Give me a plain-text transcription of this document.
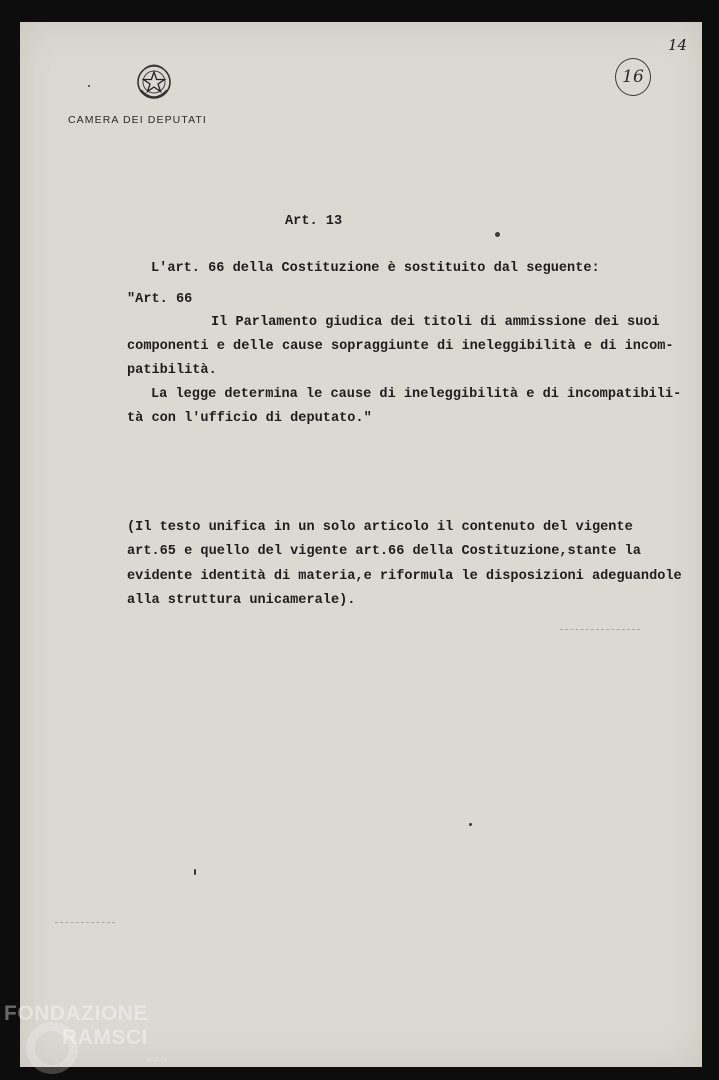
CAMERA DEI DEPUTATI
14
16
Art. 13
L'art. 66 della Costituzione è sostituito dal seguente:
"Art. 66
Il Parlamento giudica dei titoli di ammissione dei suoi
componenti e delle cause sopraggiunte di ineleggibilità e di incom-
patibilità.
La legge determina le cause di ineleggibilità e di incompatibili-
tà con l'ufficio di deputato."
(Il testo unifica in un solo articolo il contenuto del vigente
art.65 e quello del vigente art.66 della Costituzione,stante la
evidente identità di materia,e riformula le disposizioni adeguandole
alla struttura unicamerale).
FONDAZIONE
RAMSCI
onlus
